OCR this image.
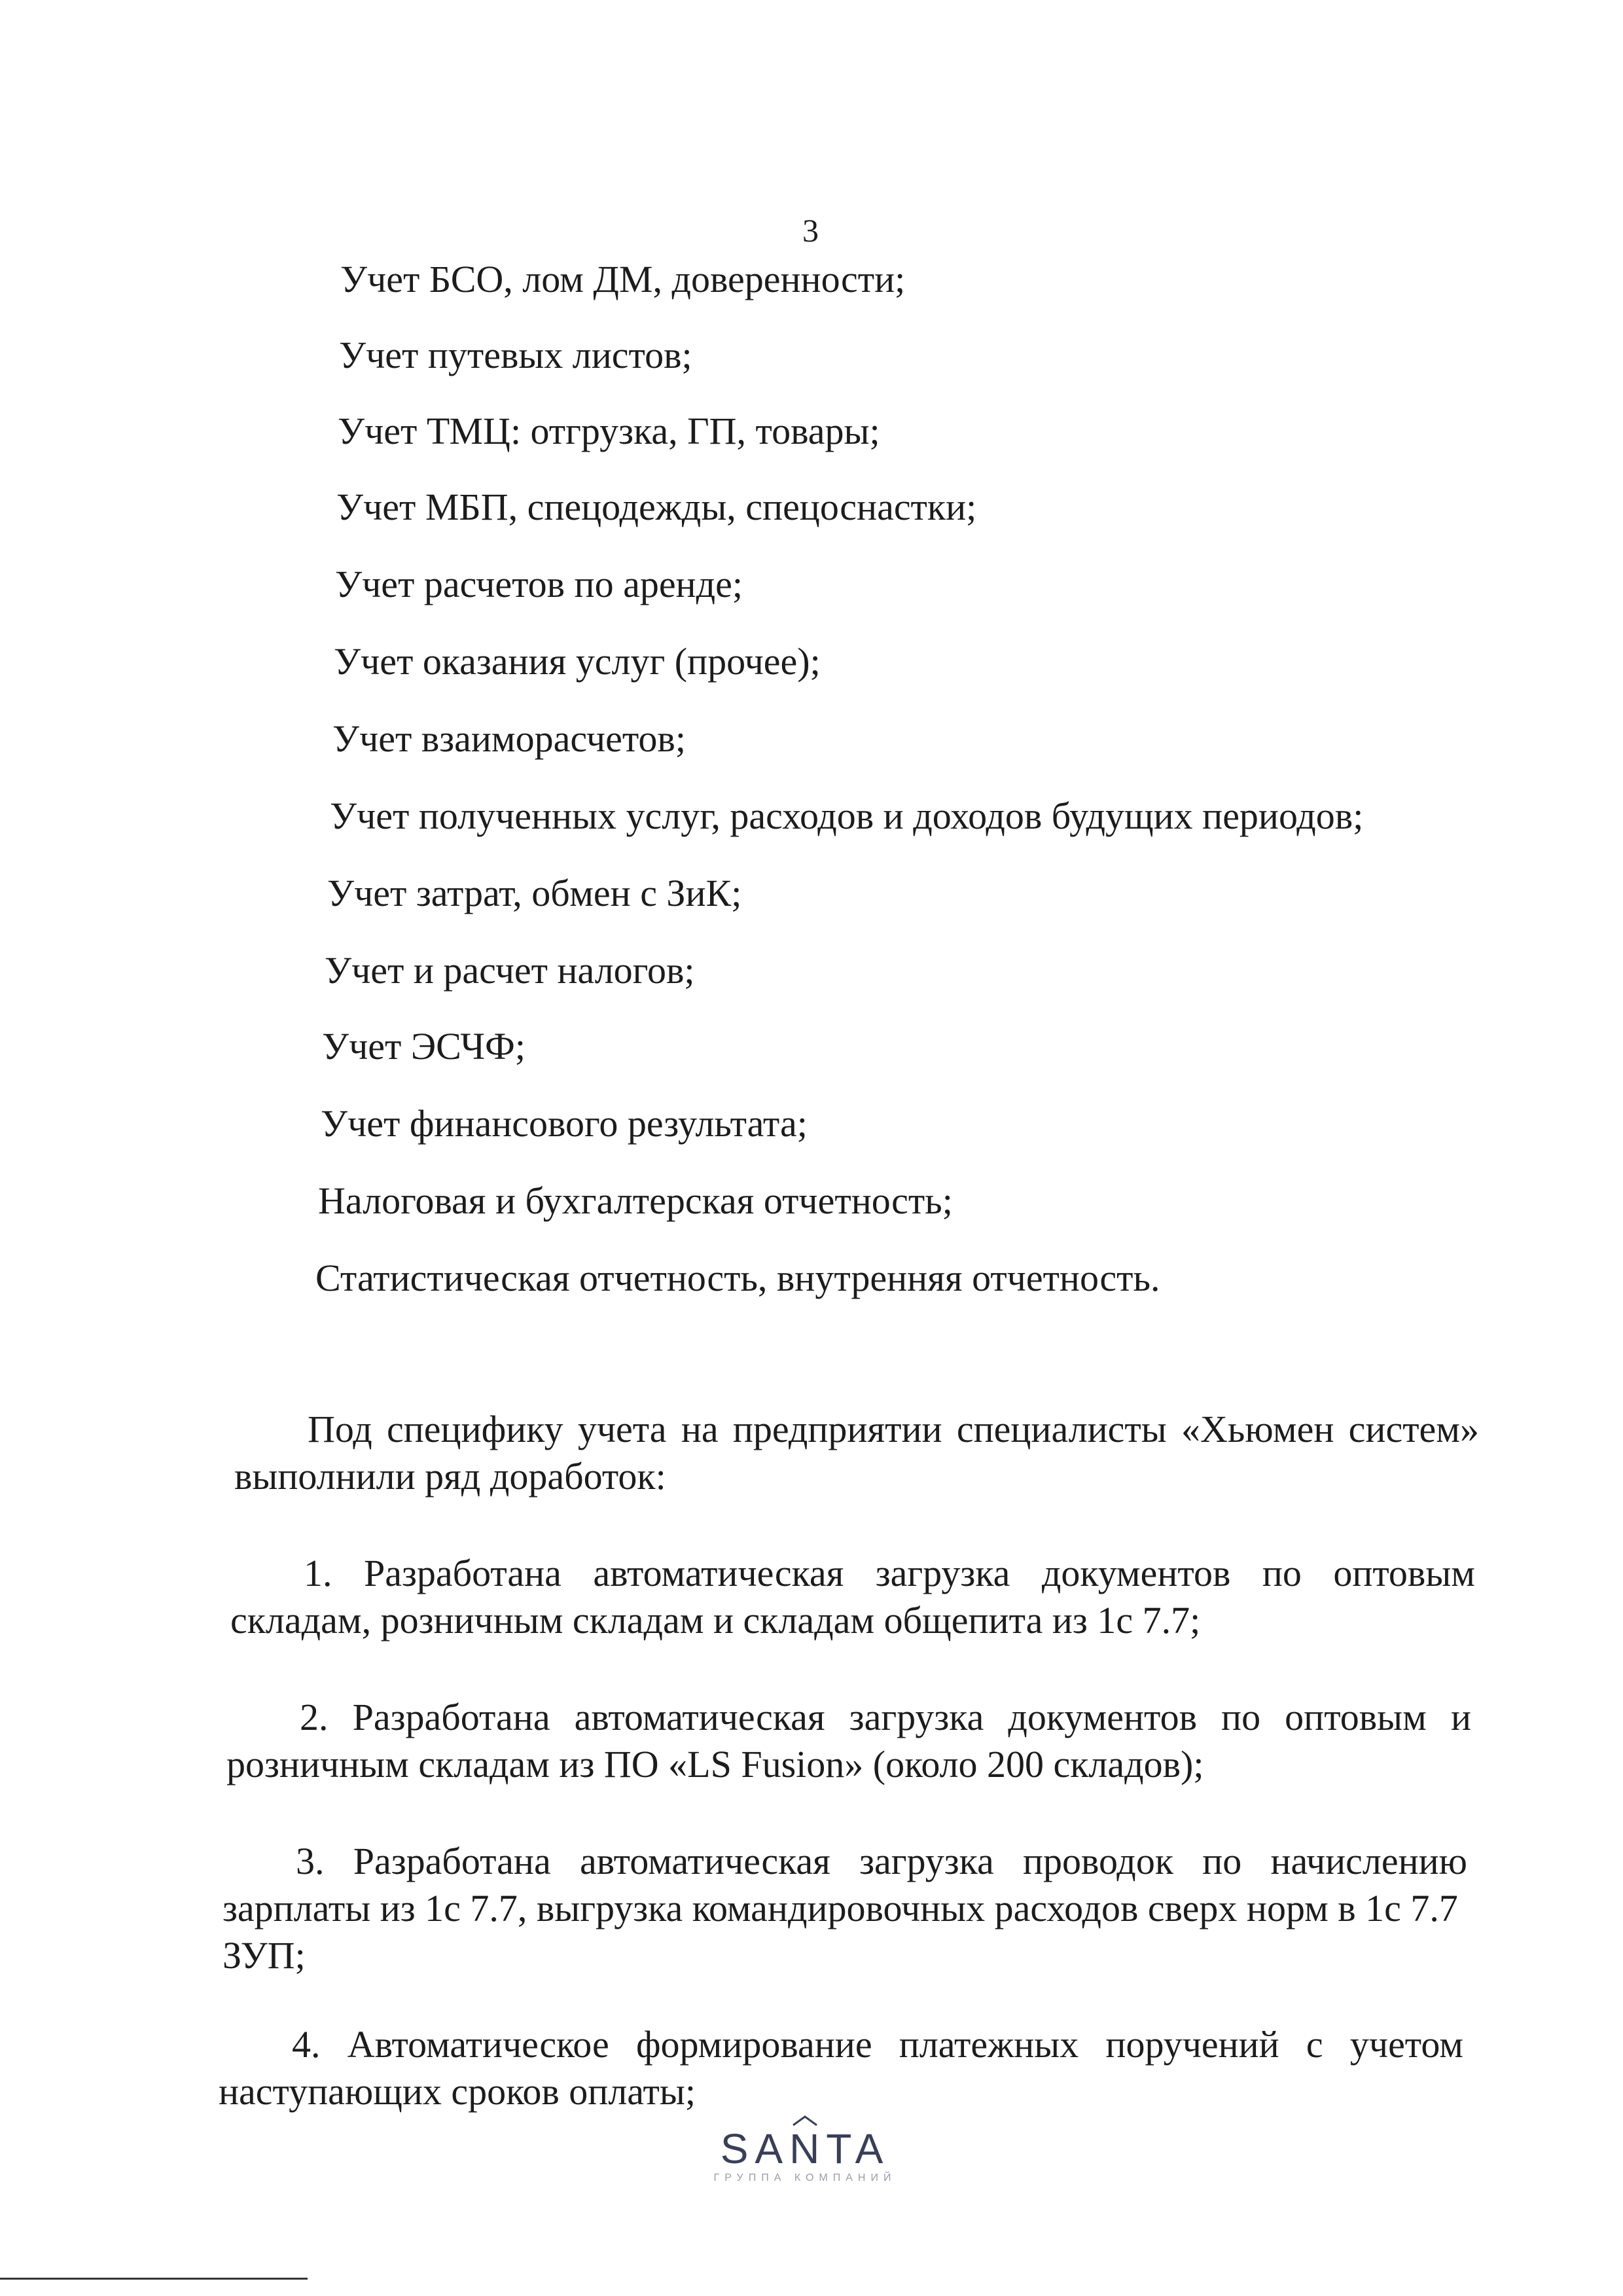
3
Учет БСО, лом ДМ, доверенности;
Учет путевых листов;
Учет ТМЦ: отгрузка, ГП, товары;
Учет МБП, спецодежды, спецоснастки;
Учет расчетов по аренде;
Учет оказания услуг (прочее);
Учет взаиморасчетов;
Учет полученных услуг, расходов и доходов будущих периодов;
Учет затрат, обмен с ЗиК;
Учет и расчет налогов;
Учет ЭСЧФ;
Учет финансового результата;
Налоговая и бухгалтерская отчетность;
Статистическая отчетность, внутренняя отчетность.
Под специфику учета на предприятии специалисты «Хьюмен систем»
выполнили ряд доработок:
1. Разработана автоматическая загрузка документов по оптовым
складам, розничным складам и складам общепита из 1с 7.7;
2. Разработана автоматическая загрузка документов по оптовым и
розничным складам из ПО «LS Fusion» (около 200 складов);
3. Разработана автоматическая загрузка проводок по начислению
зарплаты из 1с 7.7, выгрузка командировочных расходов сверх норм в 1с 7.7 ЗУП;
4. Автоматическое формирование платежных поручений с учетом
наступающих сроков оплаты;
SANTA
ГРУППА КОМПАНИЙ
